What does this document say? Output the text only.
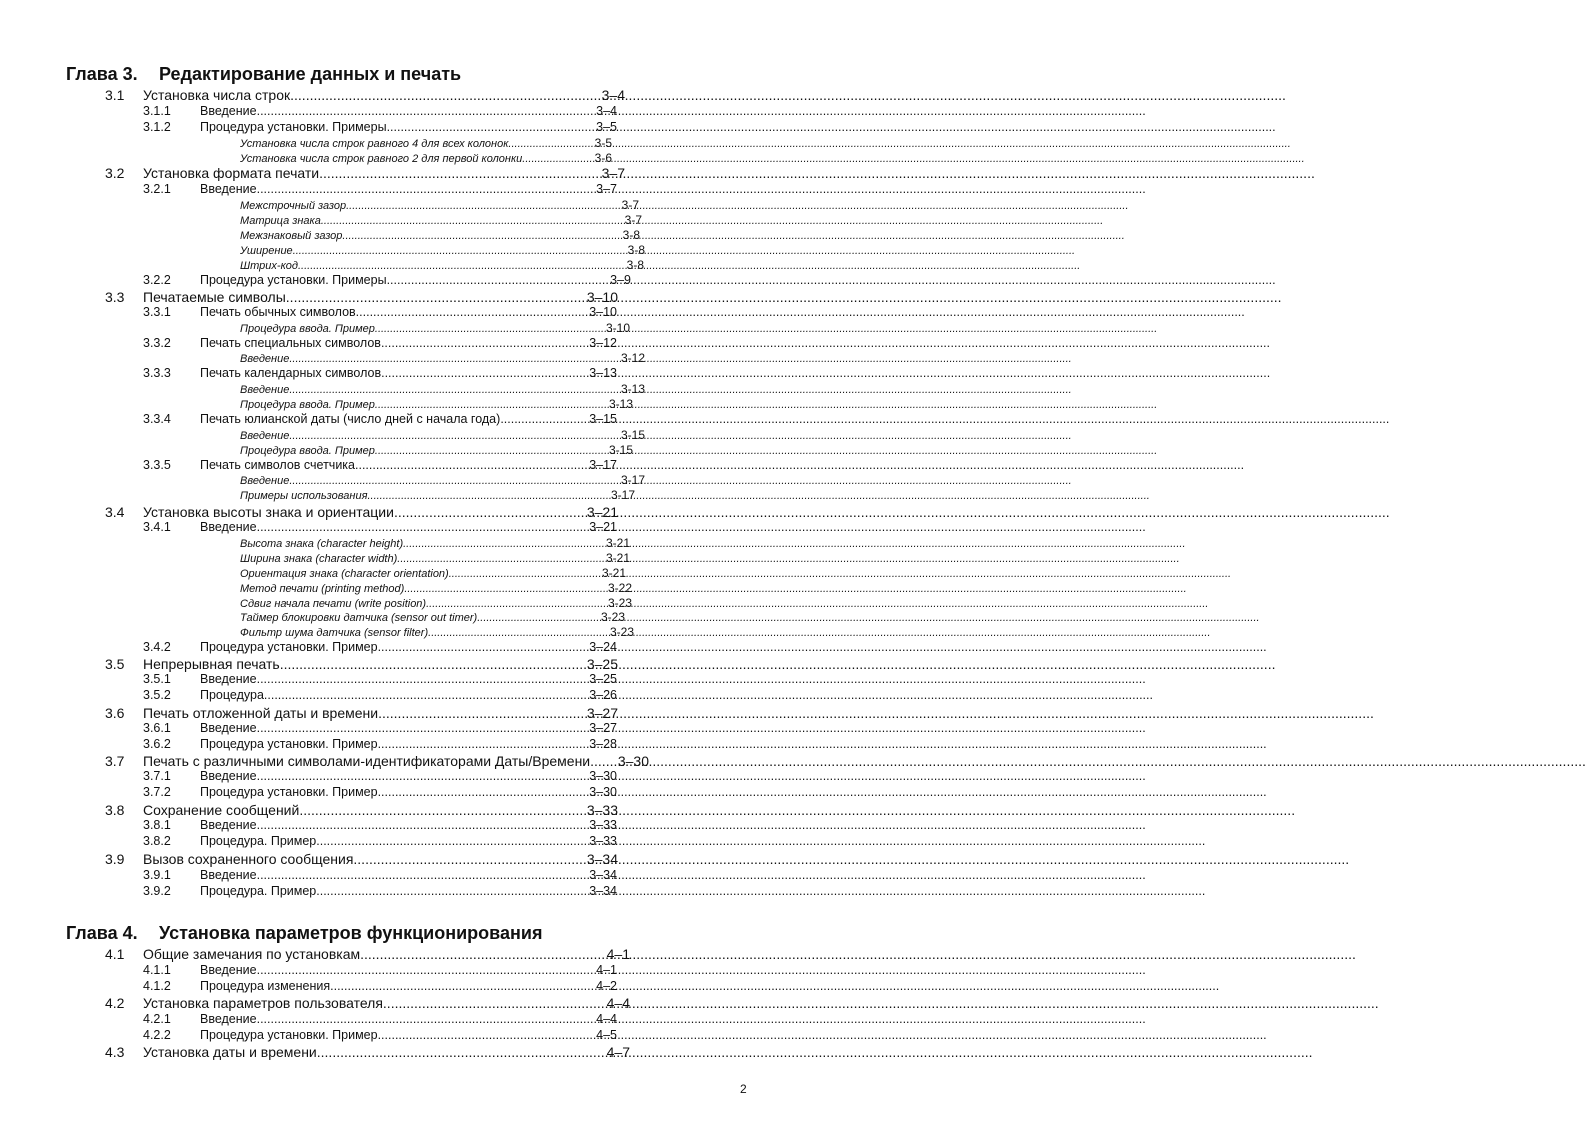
Глава 3. Редактирование данных и печать
Глава 4. Установка параметров функционирования
3.1 Установка числа строк .....	3–4
3.1.1 Введение .....	3–4
3.1.2 Процедура установки. Примеры .....	3–5
Установка числа строк равного 4 для всех колонок .....	3-5
Установка числа строк равного 2 для первой колонки .....	3-6
3.2 Установка формата печати .....	3–7
3.2.1 Введение .....	3–7
Межстрочный зазор .....	3-7
Матрица знака .....	3-7
Межзнаковый зазор .....	3-8
Уширение .....	3-8
Штрих-код .....	3-8
3.2.2 Процедура установки. Примеры .....	3–9
3.3 Печатаемые символы .....	3–10
3.3.1 Печать обычных символов .....	3–10
Процедура ввода. Пример .....	3-10
3.3.2 Печать специальных символов .....	3–12
Введение .....	3-12
3.3.3 Печать календарных символов .....	3–13
Введение .....	3-13
Процедура ввода. Пример .....	3-13
3.3.4 Печать юлианской даты (число дней с начала года) .....	3–15
Введение .....	3-15
Процедура ввода. Пример .....	3-15
3.3.5 Печать символов счетчика .....	3–17
Введение .....	3-17
Примеры использования .....	3-17
3.4 Установка высоты знака и ориентации .....	3–21
3.4.1 Введение .....	3–21
Высота знака (character height) .....	3-21
Ширина знака (character width) .....	3-21
Ориентация знака (character orientation) .....	3-21
Метод печати (printing method) .....	3-22
Сдвиг начала печати (write position) .....	3-23
Таймер блокировки датчика (sensor out timer) .....	3-23
Фильтр шума датчика (sensor filter) .....	3-23
3.4.2 Процедура установки. Пример .....	3–24
3.5 Непрерывная печать .....	3–25
3.5.1 Введение .....	3–25
3.5.2 Процедура .....	3–26
3.6 Печать отложенной даты и времени .....	3–27
3.6.1 Введение .....	3–27
3.6.2 Процедура установки. Пример .....	3–28
3.7 Печать с различными символами-идентификаторами Даты/Времени ..... 3–30
3.7.1 Введение .....	3–30
3.7.2 Процедура установки. Пример .....	3–30
3.8 Сохранение сообщений .....	3–33
3.8.1 Введение .....	3–33
3.8.2 Процедура. Пример .....	3–33
3.9 Вызов сохраненного сообщения .....	3–34
3.9.1 Введение .....	3–34
3.9.2 Процедура. Пример .....	3–34
4.1 Общие замечания по установкам .....	4–1
4.1.1 Введение .....	4–1
4.1.2 Процедура изменения .....	4–2
4.2 Установка параметров пользователя .....	4–4
4.2.1 Введение .....	4–4
4.2.2 Процедура установки. Пример .....	4–5
4.3 Установка даты и времени .....	4–7
2
